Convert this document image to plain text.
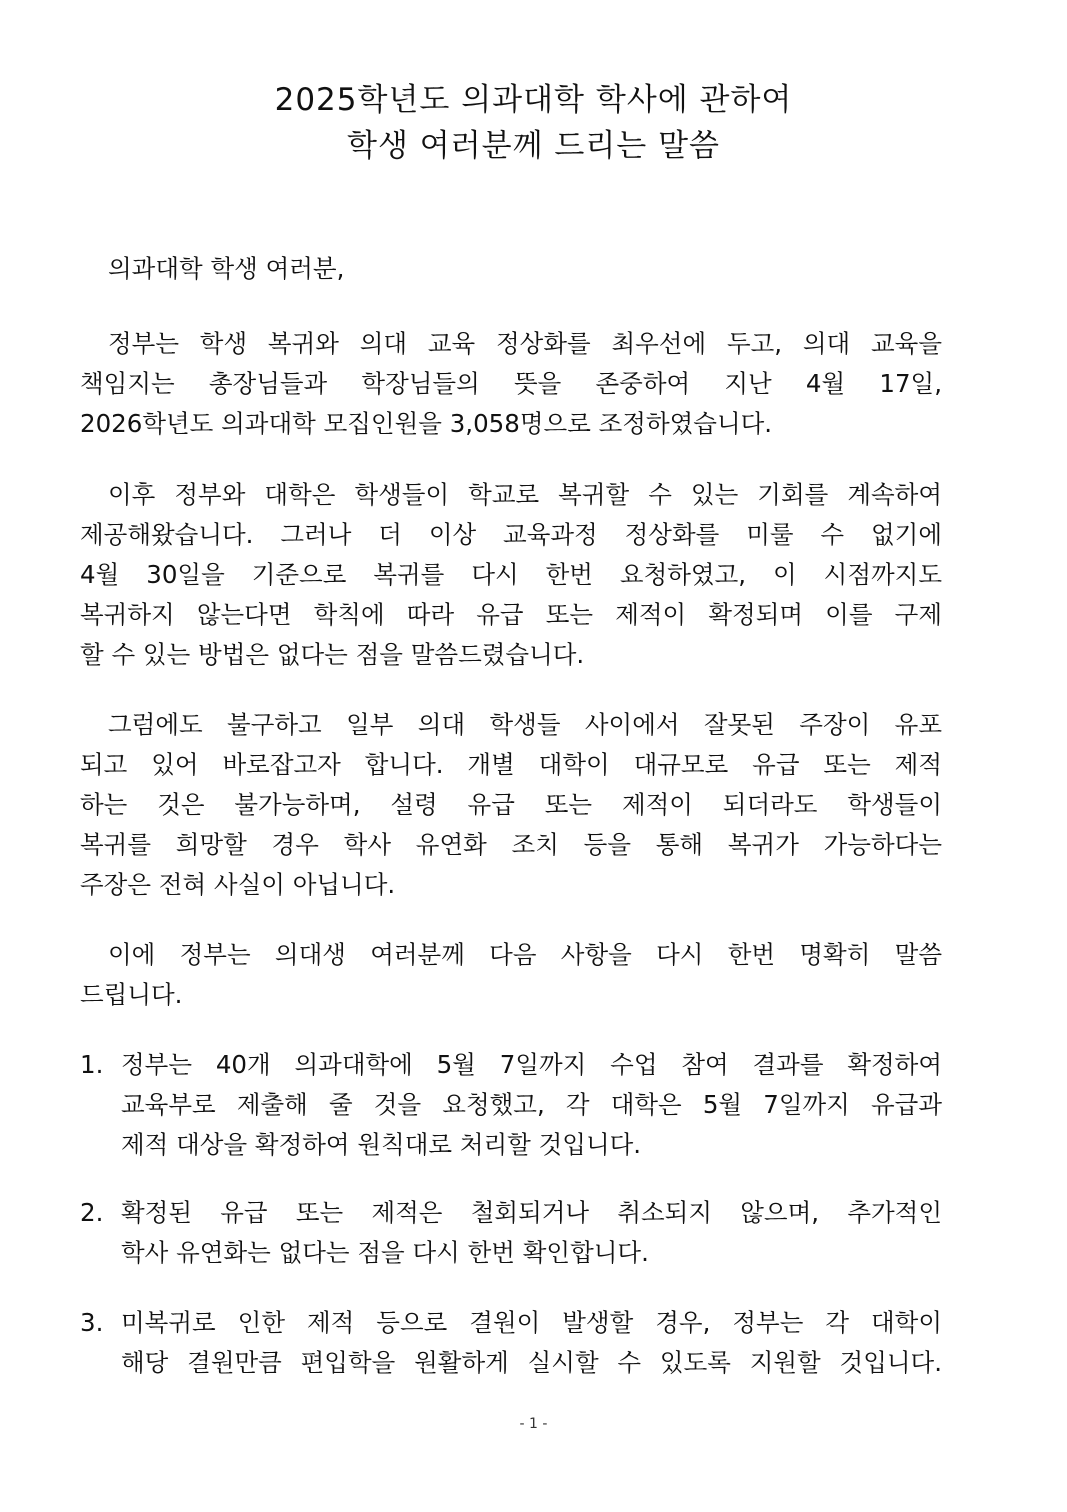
2025학년도 의과대학 학사에 관하여
학생 여러분께 드리는 말씀
의과대학 학생 여러분,
정부는 학생 복귀와 의대 교육 정상화를 최우선에 두고, 의대 교육을
책임지는 총장님들과 학장님들의 뜻을 존중하여 지난 4월 17일,
2026학년도 의과대학 모집인원을 3,058명으로 조정하였습니다.
이후 정부와 대학은 학생들이 학교로 복귀할 수 있는 기회를 계속하여
제공해왔습니다. 그러나 더 이상 교육과정 정상화를 미룰 수 없기에
4월 30일을 기준으로 복귀를 다시 한번 요청하였고, 이 시점까지도
복귀하지 않는다면 학칙에 따라 유급 또는 제적이 확정되며 이를 구제
할 수 있는 방법은 없다는 점을 말씀드렸습니다.
그럼에도 불구하고 일부 의대 학생들 사이에서 잘못된 주장이 유포
되고 있어 바로잡고자 합니다. 개별 대학이 대규모로 유급 또는 제적
하는 것은 불가능하며, 설령 유급 또는 제적이 되더라도 학생들이
복귀를 희망할 경우 학사 유연화 조치 등을 통해 복귀가 가능하다는
주장은 전혀 사실이 아닙니다.
이에 정부는 의대생 여러분께 다음 사항을 다시 한번 명확히 말씀
드립니다.
1. 정부는 40개 의과대학에 5월 7일까지 수업 참여 결과를 확정하여
교육부로 제출해 줄 것을 요청했고, 각 대학은 5월 7일까지 유급과
제적 대상을 확정하여 원칙대로 처리할 것입니다.
2. 확정된 유급 또는 제적은 철회되거나 취소되지 않으며, 추가적인
학사 유연화는 없다는 점을 다시 한번 확인합니다.
3. 미복귀로 인한 제적 등으로 결원이 발생할 경우, 정부는 각 대학이
해당 결원만큼 편입학을 원활하게 실시할 수 있도록 지원할 것입니다.
- 1 -
